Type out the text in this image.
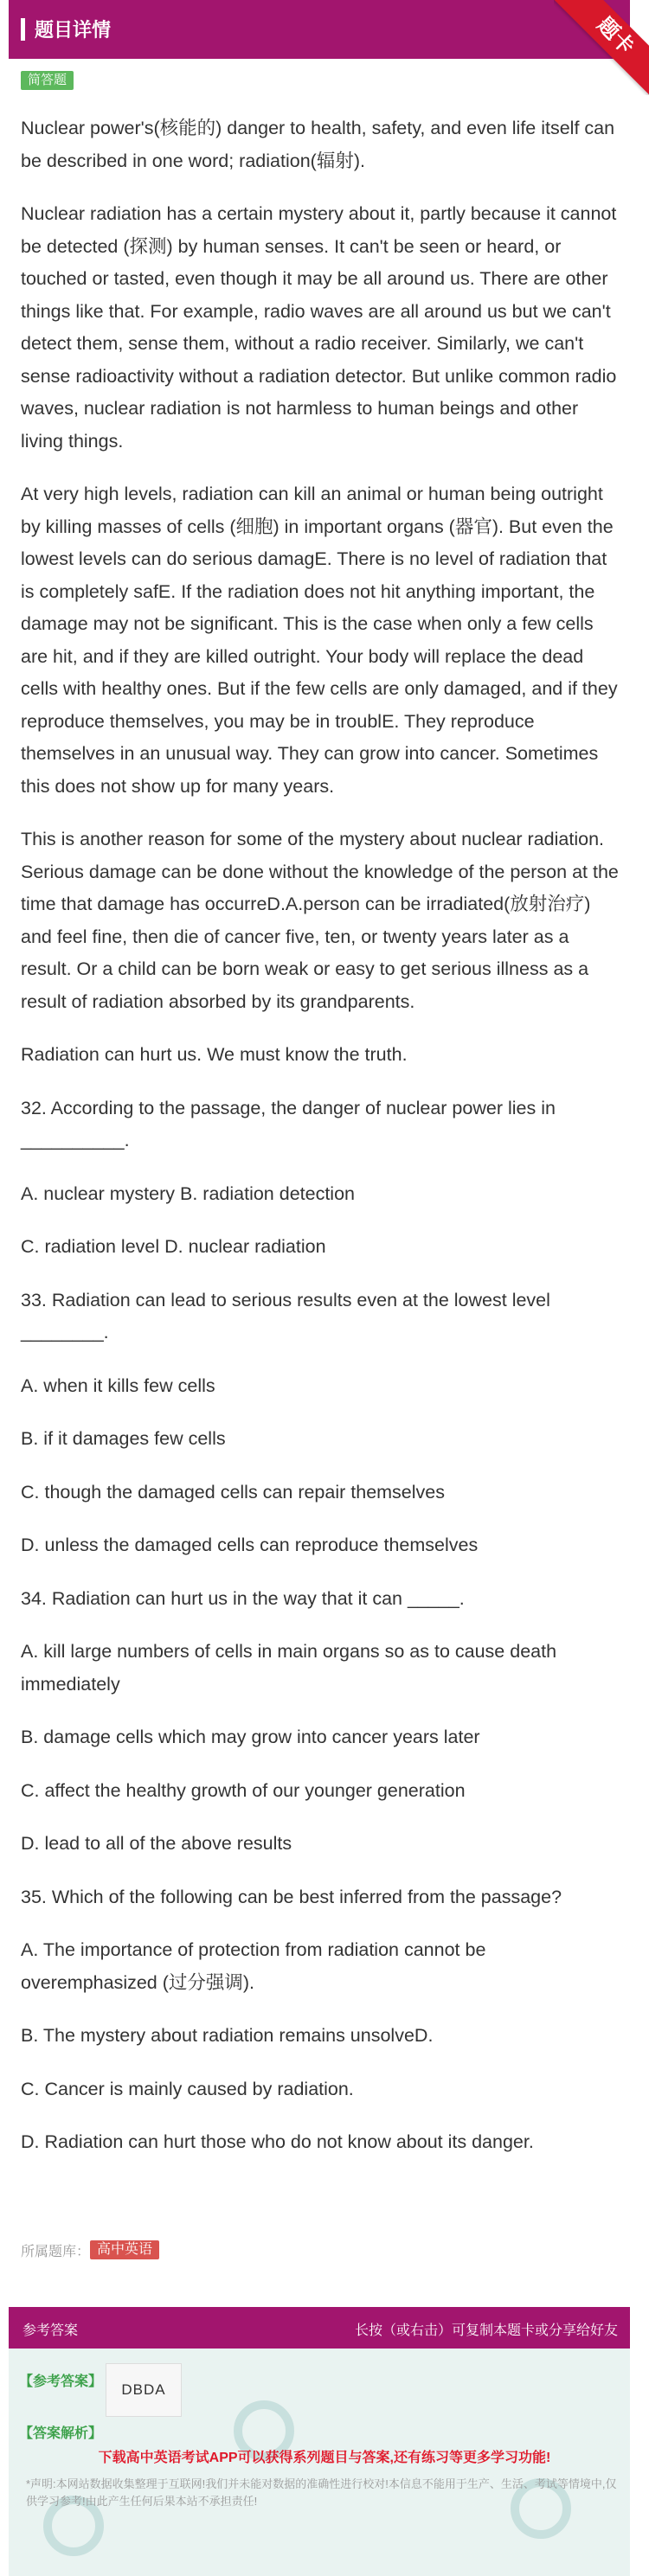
题目详情	题卡
简答题

Nuclear power's(核能的) danger to health, safety, and even life itself can be described in one word; radiation(辐射).

Nuclear radiation has a certain mystery about it, partly because it cannot be detected (探测) by human senses. It can't be seen or heard, or touched or tasted, even though it may be all around us. There are other things like that. For example, radio waves are all around us but we can't detect them, sense them, without a radio receiver. Similarly, we can't sense radioactivity without a radiation detector. But unlike common radio waves, nuclear radiation is not harmless to human beings and other living things.

At very high levels, radiation can kill an animal or human being outright by killing masses of cells (细胞) in important organs (器官). But even the lowest levels can do serious damagE. There is no level of radiation that is completely safE. If the radiation does not hit anything important, the damage may not be significant. This is the case when only a few cells are hit, and if they are killed outright. Your body will replace the dead cells with healthy ones. But if the few cells are only damaged, and if they reproduce themselves, you may be in troublE. They reproduce themselves in an unusual way. They can grow into cancer. Sometimes this does not show up for many years.

This is another reason for some of the mystery about nuclear radiation. Serious damage can be done without the knowledge of the person at the time that damage has occurreD.A.person can be irradiated(放射治疗) and feel fine, then die of cancer five, ten, or twenty years later as a result. Or a child can be born weak or easy to get serious illness as a result of radiation absorbed by its grandparents.

Radiation can hurt us. We must know the truth.

32. According to the passage, the danger of nuclear power lies in __________.

A. nuclear mystery B. radiation detection

C. radiation level D. nuclear radiation

33. Radiation can lead to serious results even at the lowest level ________.

A. when it kills few cells

B. if it damages few cells

C. though the damaged cells can repair themselves

D. unless the damaged cells can reproduce themselves

34. Radiation can hurt us in the way that it can _____.

A. kill large numbers of cells in main organs so as to cause death immediately

B. damage cells which may grow into cancer years later

C. affect the healthy growth of our younger generation

D. lead to all of the above results

35. Which of the following can be best inferred from the passage?

A. The importance of protection from radiation cannot be overemphasized (过分强调).

B. The mystery about radiation remains unsolveD.

C. Cancer is mainly caused by radiation.

D. Radiation can hurt those who do not know about its danger.

所属题库： 高中英语
参考答案	长按（或右击）可复制本题卡或分享给好友
【参考答案】	DBDA
【答案解析】
下载高中英语考试APP可以获得系列题目与答案,还有练习等更多学习功能!
*声明:本网站数据收集整理于互联网!我们并未能对数据的准确性进行校对!本信息不能用于生产、生活、考试等情境中,仅供学习参考!由此产生任何后果本站不承担责任!
